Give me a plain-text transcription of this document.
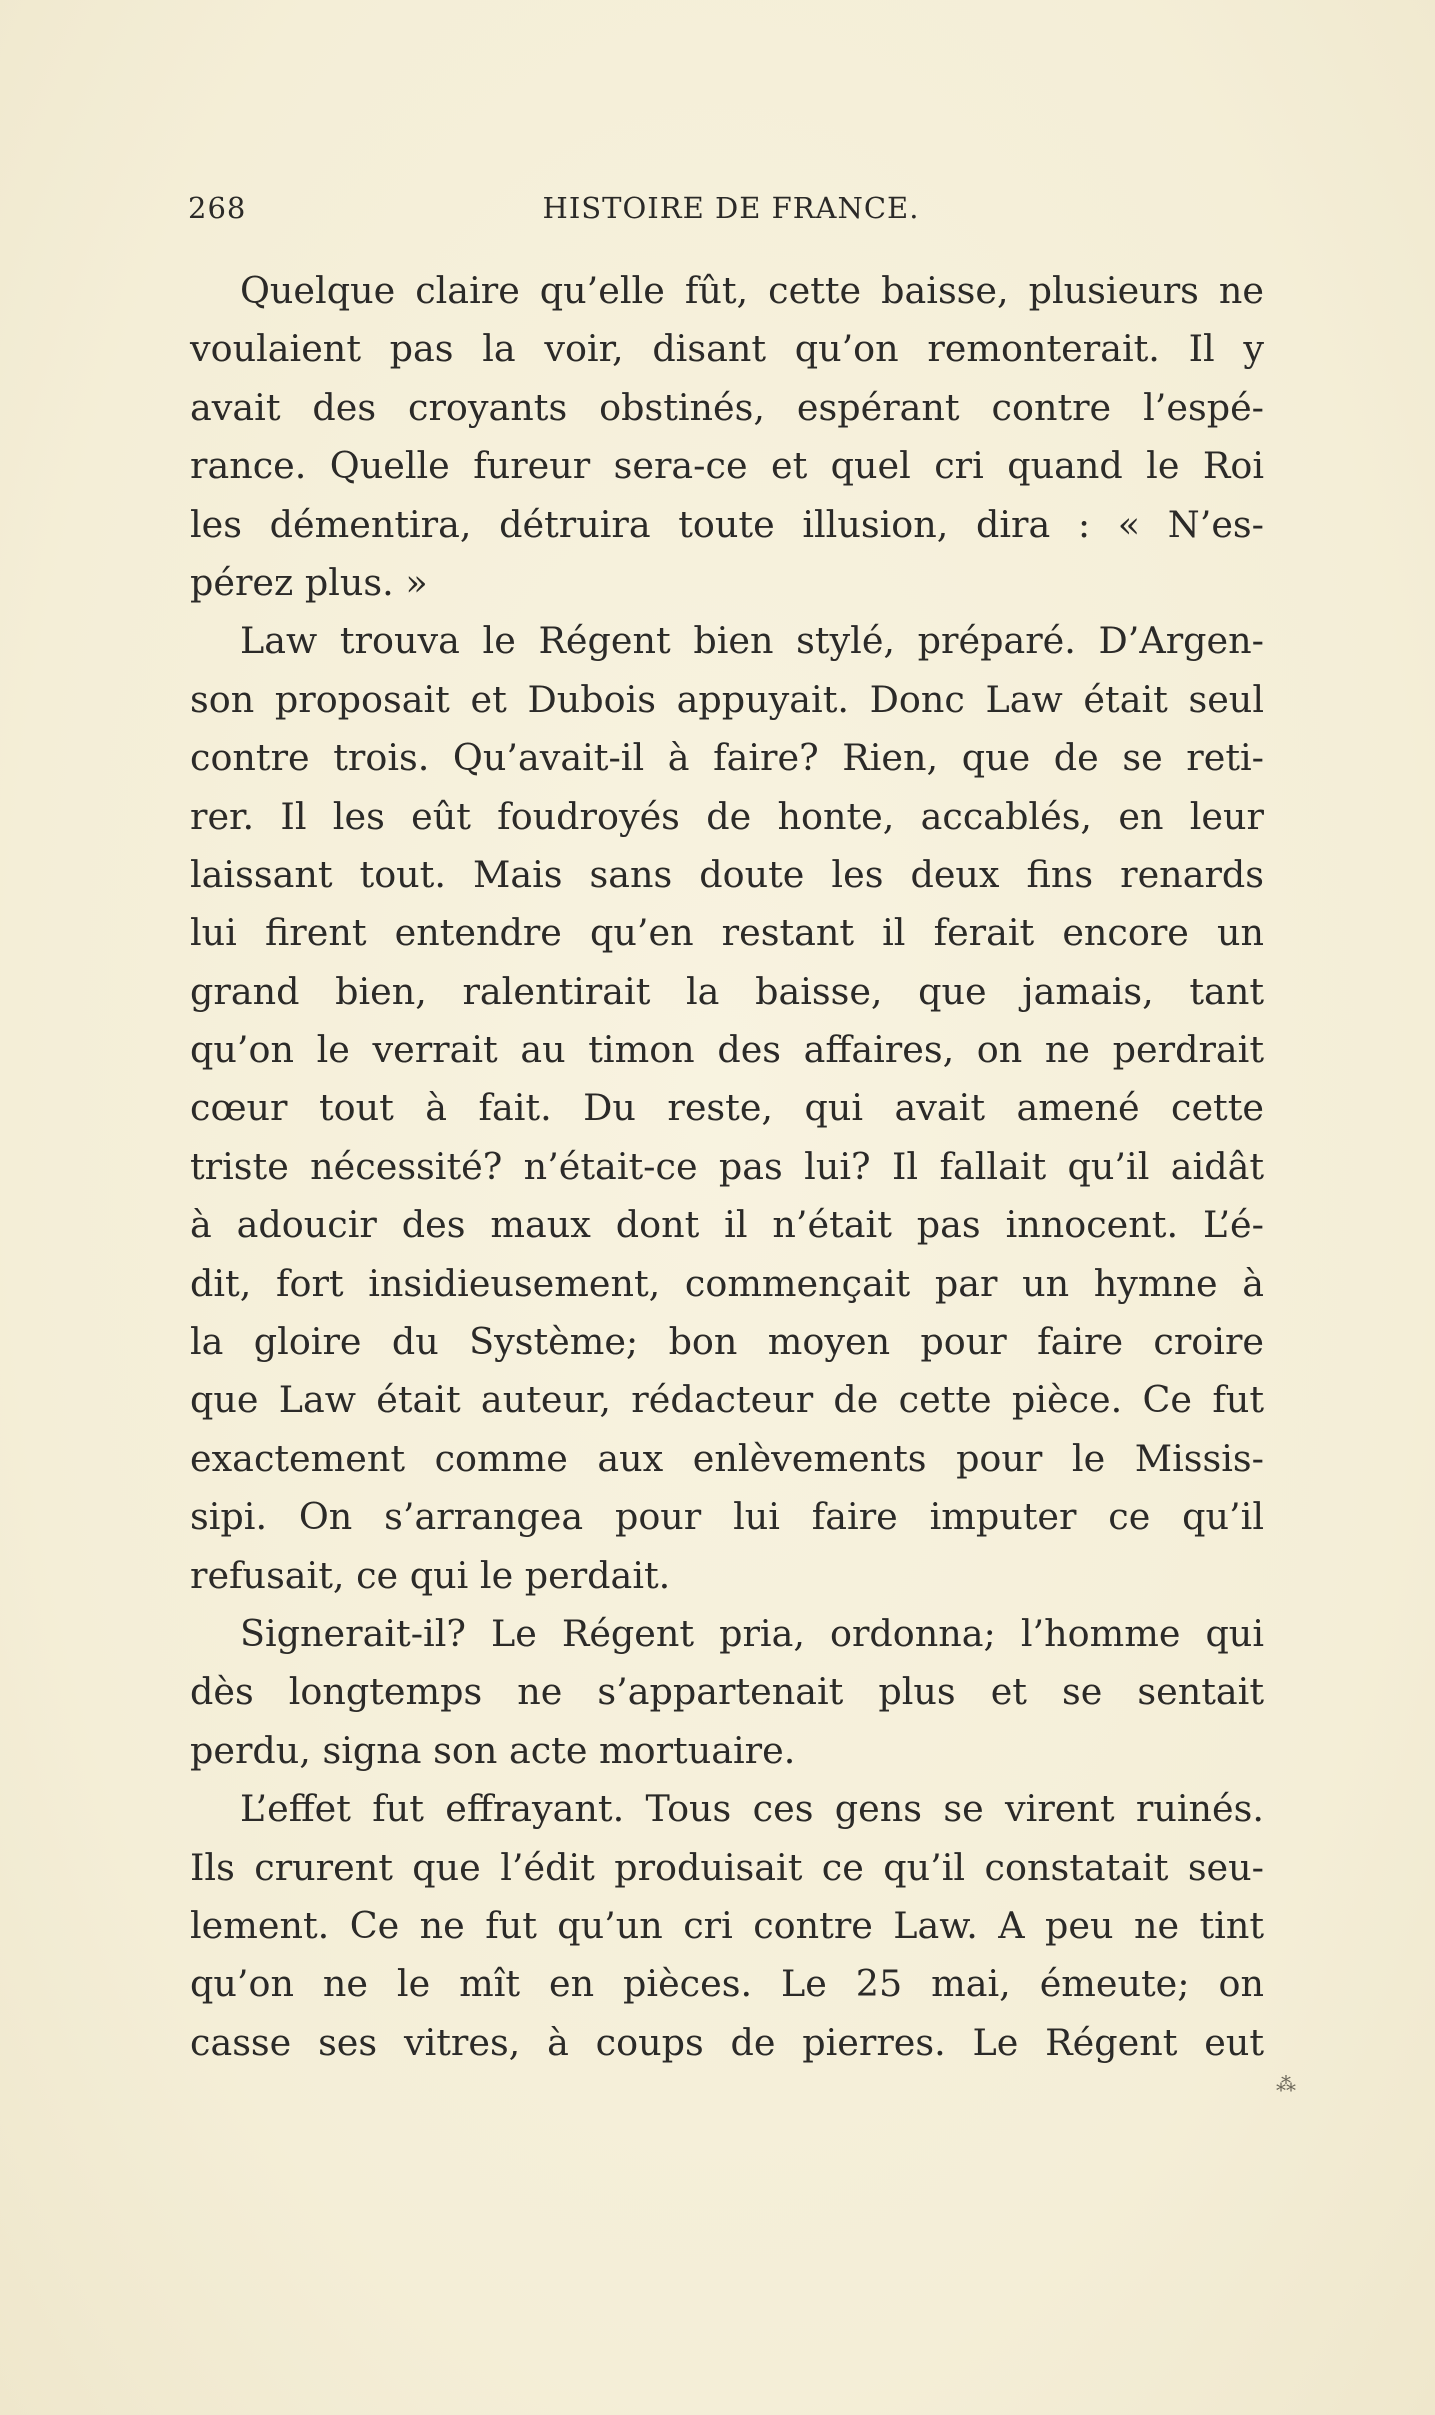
268	HISTOIRE DE FRANCE.

Quelque claire qu’elle fût, cette baisse, plusieurs ne
voulaient pas la voir, disant qu’on remonterait. Il y
avait des croyants obstinés, espérant contre l’espé-
rance. Quelle fureur sera-ce et quel cri quand le Roi
les démentira, détruira toute illusion, dira : « N’es-
pérez plus. »

Law trouva le Régent bien stylé, préparé. D’Argen-
son proposait et Dubois appuyait. Donc Law était seul
contre trois. Qu’avait-il à faire? Rien, que de se reti-
rer. Il les eût foudroyés de honte, accablés, en leur
laissant tout. Mais sans doute les deux fins renards
lui firent entendre qu’en restant il ferait encore un
grand bien, ralentirait la baisse, que jamais, tant
qu’on le verrait au timon des affaires, on ne perdrait
cœur tout à fait. Du reste, qui avait amené cette
triste nécessité? n’était-ce pas lui? Il fallait qu’il aidât
à adoucir des maux dont il n’était pas innocent. L’é-
dit, fort insidieusement, commençait par un hymne à
la gloire du Système; bon moyen pour faire croire
que Law était auteur, rédacteur de cette pièce. Ce fut
exactement comme aux enlèvements pour le Missis-
sipi. On s’arrangea pour lui faire imputer ce qu’il
refusait, ce qui le perdait.

Signerait-il? Le Régent pria, ordonna; l’homme qui
dès longtemps ne s’appartenait plus et se sentait
perdu, signa son acte mortuaire.

L’effet fut effrayant. Tous ces gens se virent ruinés.
Ils crurent que l’édit produisait ce qu’il constatait seu-
lement. Ce ne fut qu’un cri contre Law. A peu ne tint
qu’on ne le mît en pièces. Le 25 mai, émeute; on
casse ses vitres, à coups de pierres. Le Régent eut

⁂
